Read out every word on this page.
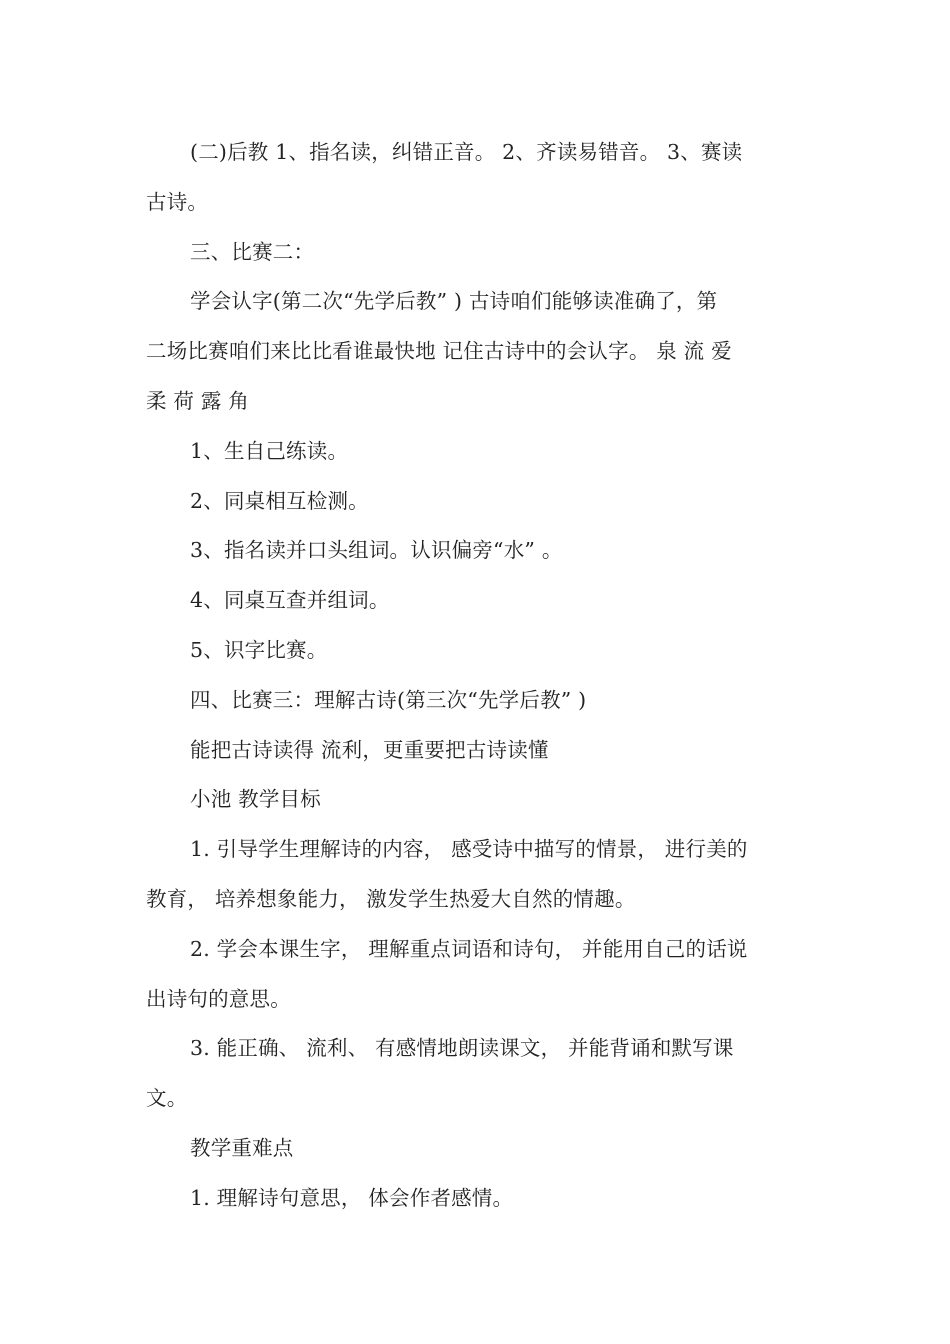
(二)后教 1、指名读，纠错正音。 2、齐读易错音。 3、赛读
古诗。
三、比赛二：
学会认字(第二次“先学后教” ) 古诗咱们能够读准确了，第
二场比赛咱们来比比看谁最快地 记住古诗中的会认字。 泉 流 爱
柔 荷 露 角
1、生自己练读。
2、同桌相互检测。
3、指名读并口头组词。认识偏旁“水” 。
4、同桌互查并组词。
5、识字比赛。
四、比赛三：理解古诗(第三次“先学后教” )
能把古诗读得 流利，更重要把古诗读懂
小池 教学目标
1. 引导学生理解诗的内容， 感受诗中描写的情景， 进行美的
教育， 培养想象能力， 激发学生热爱大自然的情趣。
2. 学会本课生字， 理解重点词语和诗句， 并能用自己的话说
出诗句的意思。
3. 能正确、 流利、 有感情地朗读课文， 并能背诵和默写课
文。
教学重难点
1. 理解诗句意思， 体会作者感情。
